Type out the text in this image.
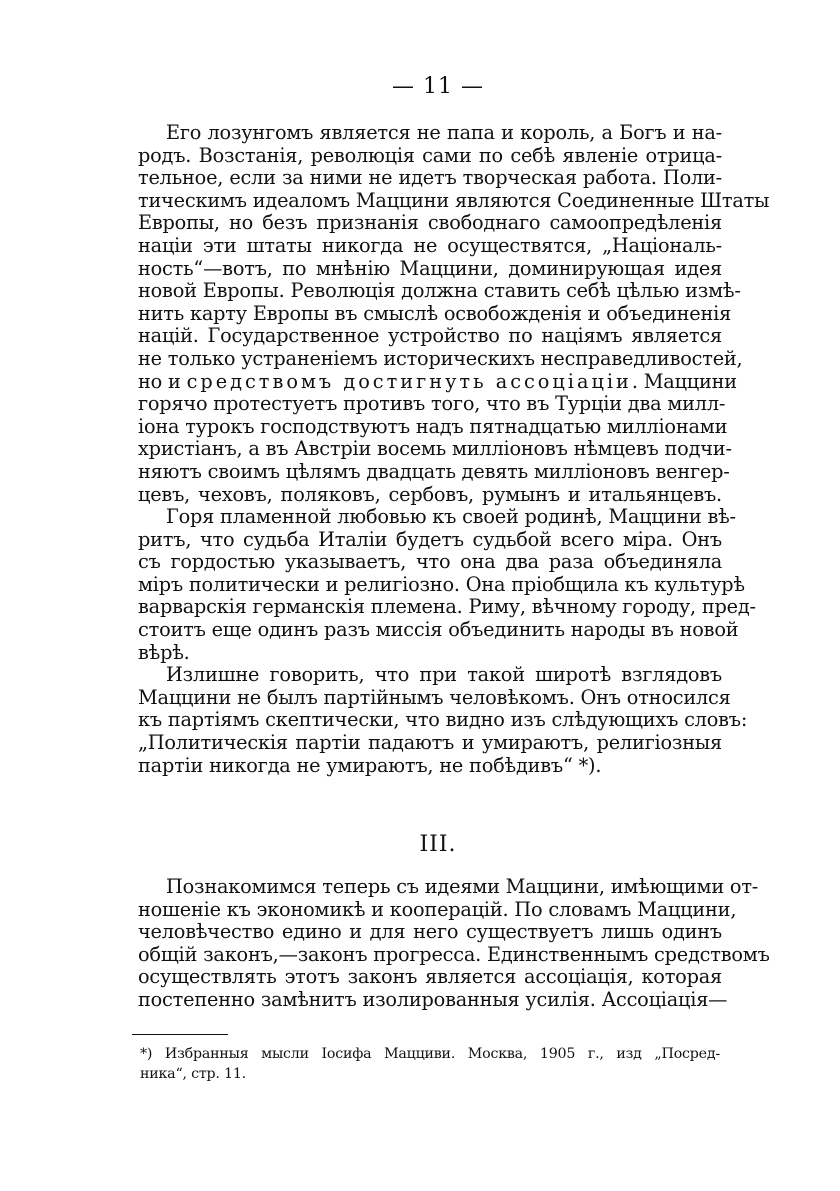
— 11 —
Его лозунгомъ является не папа и король, а Богъ и на-
родъ. Возстанія, революція сами по себѣ явленіе отрица-
тельное, если за ними не идетъ творческая работа. Поли-
тическимъ идеаломъ Маццини являются Соединенные Штаты
Европы, но безъ признанія свободнаго самоопредѣленія
націи эти штаты никогда не осуществятся, „Національ-
ность“—вотъ, по мнѣнію Маццини, доминирующая идея
новой Европы. Революція должна ставить себѣ цѣлью измѣ-
нить карту Европы въ смыслѣ освобожденія и объединенія
націй. Государственное устройство по націямъ является
не только устраненіемъ историческихъ несправедливостей,
но и средствомъ достигнуть ассоціаціи. Маццини
горячо протестуетъ противъ того, что въ Турціи два милл-
іона турокъ господствуютъ надъ пятнадцатью милліонами
христіанъ, а въ Австріи восемь милліоновъ нѣмцевъ подчи-
няютъ своимъ цѣлямъ двадцать девять милліоновъ венгер-
цевъ, чеховъ, поляковъ, сербовъ, румынъ и итальянцевъ.
Горя пламенной любовью къ своей родинѣ, Маццини вѣ-
ритъ, что судьба Италіи будетъ судьбой всего міра. Онъ
съ гордостью указываетъ, что она два раза объединяла
міръ политически и религіозно. Она пріобщила къ культурѣ
варварскія германскія племена. Риму, вѣчному городу, пред-
стоитъ еще одинъ разъ миссія объединить народы въ новой
вѣрѣ.
Излишне говорить, что при такой широтѣ взглядовъ
Маццини не былъ партійнымъ человѣкомъ. Онъ относился
къ партіямъ скептически, что видно изъ слѣдующихъ словъ:
„Политическія партіи падаютъ и умираютъ, религіозныя
партіи никогда не умираютъ, не побѣдивъ“ *).
III.
Познакомимся теперь съ идеями Маццини, имѣющими от-
ношеніе къ экономикѣ и кооперацій. По словамъ Маццини,
человѣчество едино и для него существуетъ лишь одинъ
общій законъ,—законъ прогресса. Единственнымъ средствомъ
осуществлять этотъ законъ является ассоціація, которая
постепенно замѣнитъ изолированныя усилія. Ассоціація—
*) Избранныя мысли Іосифа Мацциви. Москва, 1905 г., изд „Посред-
ника“, стр. 11.
